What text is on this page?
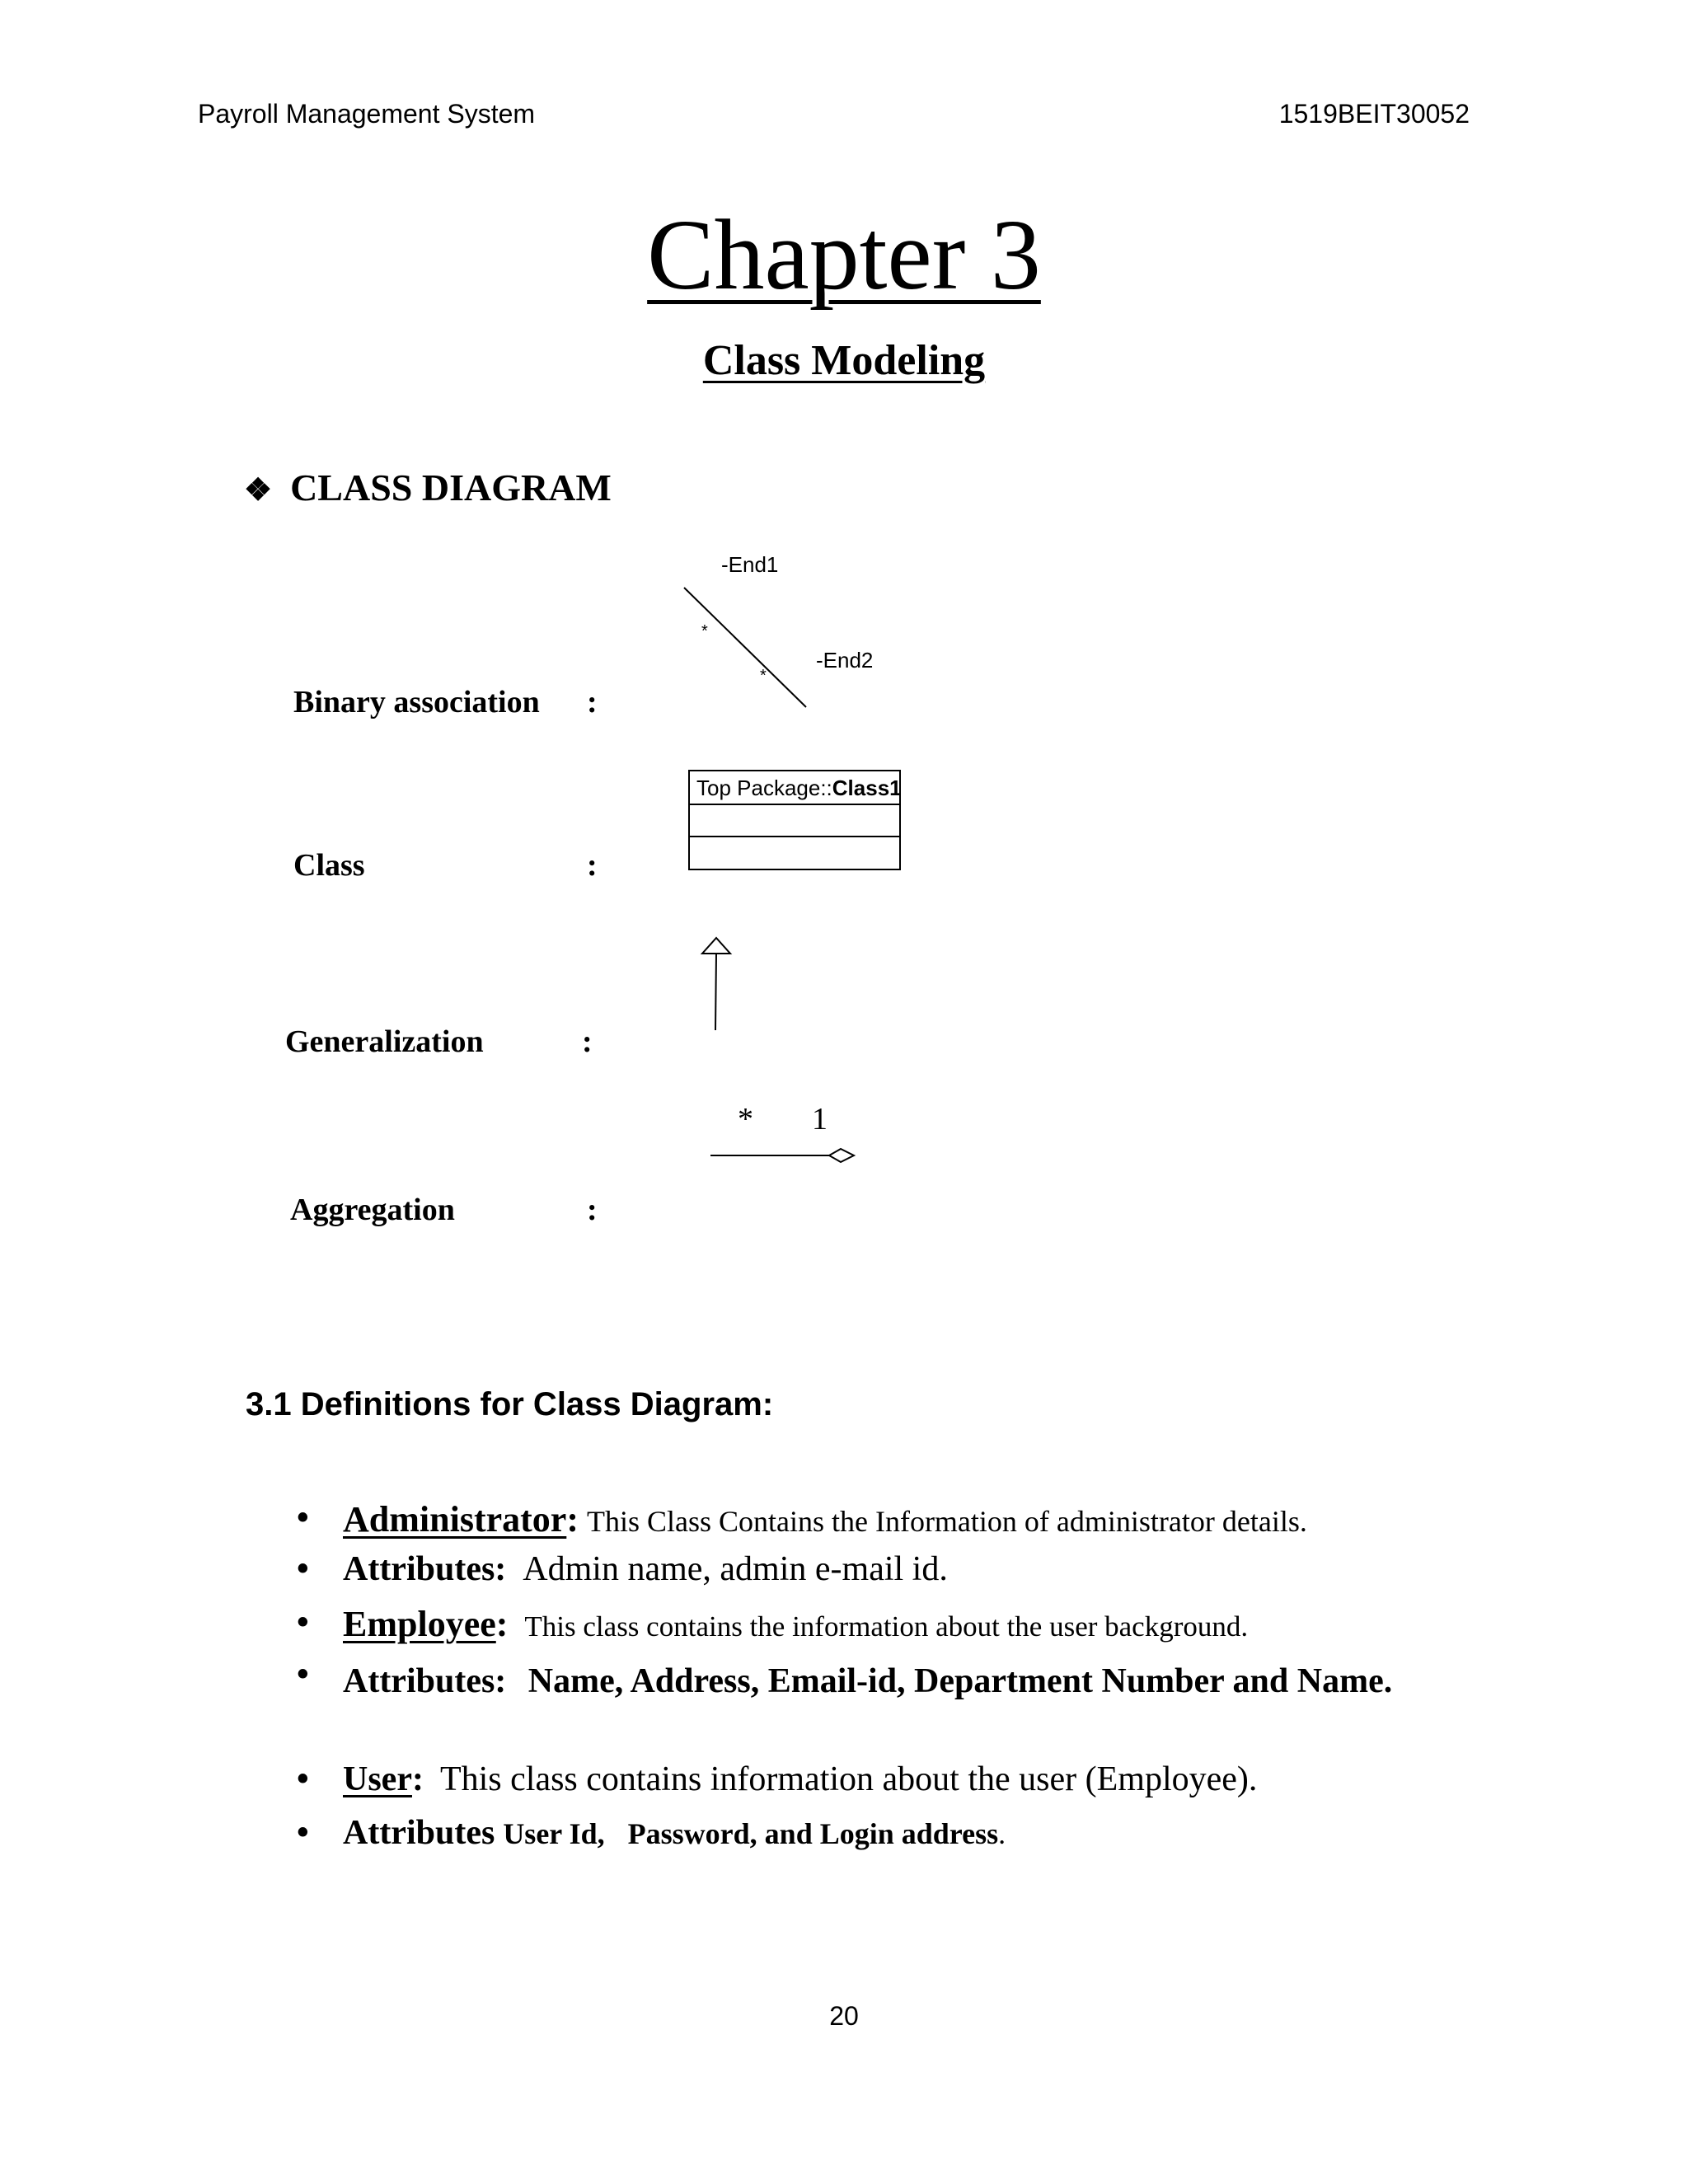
Payroll Management System	1519BEIT30052
Chapter 3
Class Modeling
❖ CLASS DIAGRAM
Binary association :
Class	:
Generalization	:
Aggregation	:
-End1
-End2
*
*
Top Package::Class1
* 1
3.1 Definitions for Class Diagram:
• Administrator: This Class Contains the Information of administrator details.
• Attributes: Admin name, admin e-mail id.
• Employee: This class contains the information about the user background.
• Attributes: Name, Address, Email-id, Department Number and Name.
• User: This class contains information about the user (Employee).
• Attributes User Id, Password, and Login address.
20
